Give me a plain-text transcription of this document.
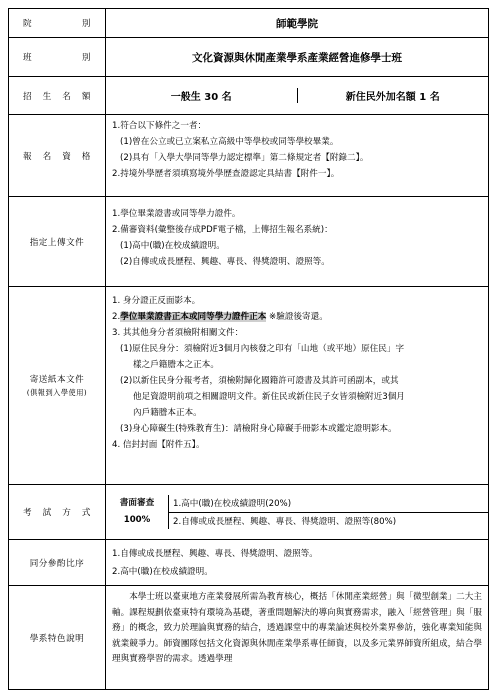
院	別	師範學院

班	別	文化資源與休閒產業學系產業經營進修學士班

招 生 名 額
		一般生 30 名	新住民外加名額 1 名

報 名 資 格

1.符合以下條件之一者：
(1)曾在公立或已立案私立高級中等學校或同等學校畢業。
(2)具有「入學大學同等學力認定標準」第二條規定者【附錄二】。
2.持境外學歷者須填寫境外學歷查證認定具結書【附件一】。

指定上傳文件	
1.學位畢業證書或同等學力證件。
2.備審資料(彙整後存成PDF電子檔，上傳招生報名系統)：
(1)高中(職)在校成績證明。
(2)自傳或成長歷程、興趣、專長、得獎證明、證照等。

寄送紙本文件
(俱報到入學使用)

1. 身分證正反面影本。
2.學位畢業證書正本或同等學力證件正本 ※驗證後寄還。
3. 其其他身分者須檢附相關文件：
(1)原住民身分：須檢附近3個月內核發之印有「山地（或平地）原住民」字
樣之戶籍謄本之正本。
(2)以新住民身分報考者，須檢附歸化國籍許可證書及其許可函副本，或其
他足資證明前項之相關證明文件。新住民或新住民子女皆須檢附近3個月
內戶籍謄本正本。
(3)身心障礙生(特殊教育生)：請檢附身心障礙手冊影本或鑑定證明影本。
4. 信封封面【附件五】。

考 試 方 式

書面審查
100%
	1.高中(職)在校成績證明(20%)
2.自傳或成長歷程、興趣、專長、得獎證明、證照等(80%)

同分參酌比序	
1.自傳或成長歷程、興趣、專長、得獎證明、證照等。
2.高中(職)在校成績證明。

學系特色說明	
本學士班以臺東地方產業發展所需為教育核心，概括「休閒產業經營」與「微型創業」二大主軸。課程規劃依臺東特有環境為基礎，著重問題解決的導向與實務需求，融入「經營管理」與「服務」的概念，致力於理論與實務的結合，透過課堂中的專業論述與校外業界參訪，強化專業知能與就業競爭力。師資團隊包括文化資源與休閒產業學系專任師資，以及多元業界師資所組成，結合學理與實務學習的需求。透過學理
